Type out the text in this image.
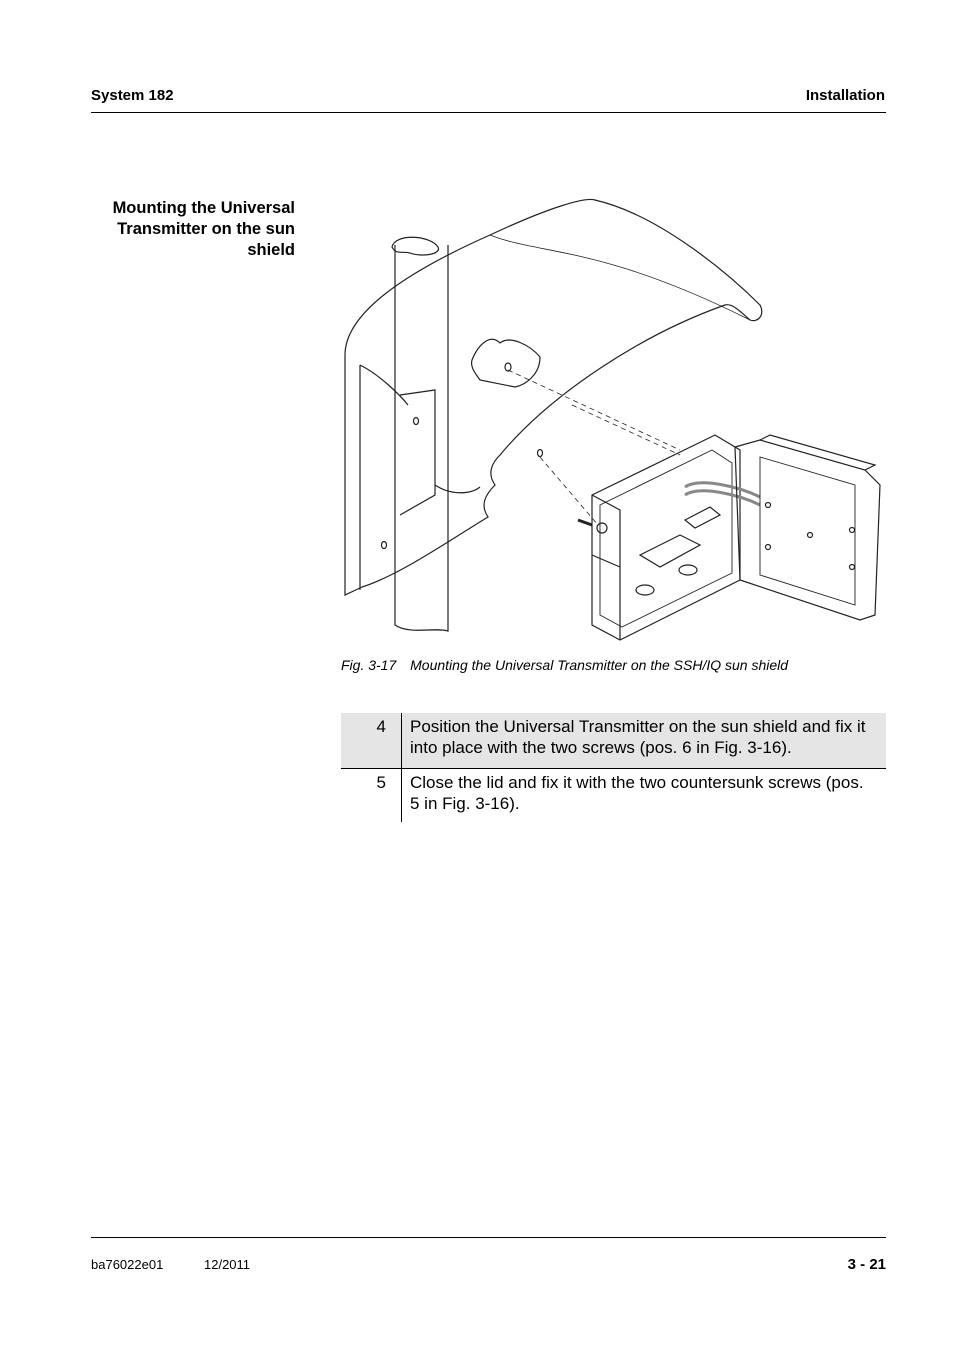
System 182	Installation
Mounting the Universal Transmitter on the sun shield
Fig. 3-17 Mounting the Universal Transmitter on the SSH/IQ sun shield
4	Position the Universal Transmitter on the sun shield and fix it into place with the two screws (pos. 6 in Fig. 3-16).
5	Close the lid and fix it with the two countersunk screws (pos. 5 in Fig. 3-16).
ba76022e01	12/2011	3 - 21
